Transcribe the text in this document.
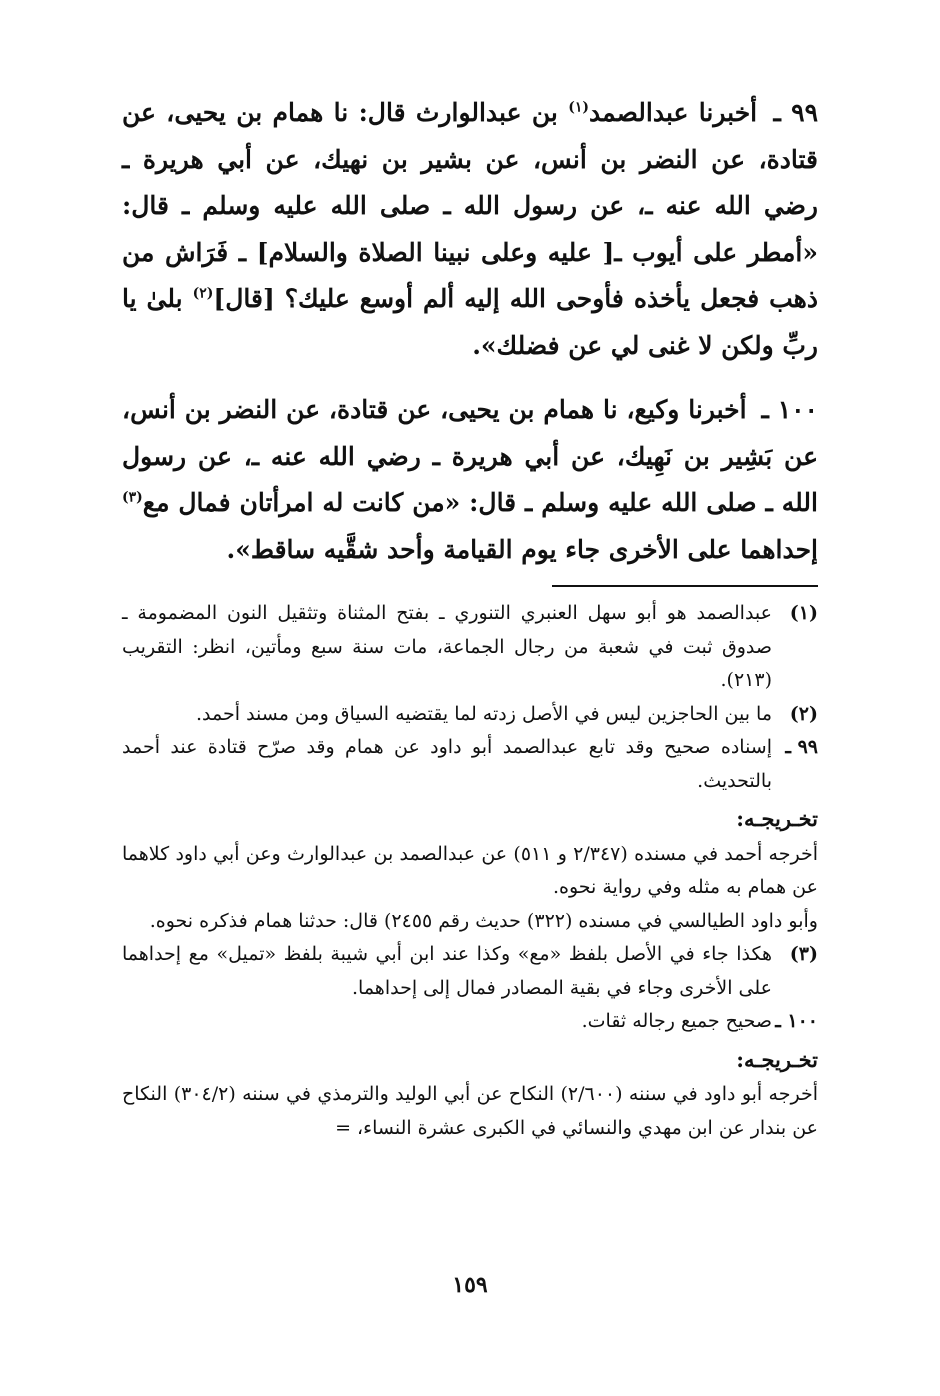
٩٩ ـ أخبرنا عبدالصمد$^{(١)}$ بن عبدالوارث قال: نا همام بن يحيى، عن قتادة، عن النضر بن أنس، عن بشير بن نهيك، عن أبي هريرة ـ رضي الله عنه ـ، عن رسول الله ـ صلى الله عليه وسلم ـ قال: «أمطر على أيوب ـ[ عليه وعلى نبينا الصلاة والسلام] ـ فَرَاش من ذهب فجعل يأخذه فأوحى الله إليه ألم أوسع عليك؟ [قال]$^{(٢)}$ بلىٰ يا ربِّ ولكن لا غنى لي عن فضلك».

١٠٠ ـ أخبرنا وكيع، نا همام بن يحيى، عن قتادة، عن النضر بن أنس، عن بَشِير بن نَهِيك، عن أبي هريرة ـ رضي الله عنه ـ، عن رسول الله ـ صلى الله عليه وسلم ـ قال: «من كانت له امرأتان فمال مع$^{(٣)}$ إحداهما على الأخرى جاء يوم القيامة وأحد شقَّيه ساقط».

(١)

عبدالصمد هو أبو سهل العنبري التنوري ـ بفتح المثناة وتثقيل النون المضمومة ـ صدوق ثبت في شعبة من رجال الجماعة، مات سنة سبع ومأتين، انظر: التقريب (٢١٣).

(٢)

ما بين الحاجزين ليس في الأصل زدته لما يقتضيه السياق ومن مسند أحمد.

٩٩ ـ

إسناده صحيح وقد تابع عبدالصمد أبو داود عن همام وقد صرّح قتادة عند أحمد بالتحديث.

تخـريجـه:

أخرجه أحمد في مسنده (٢/٣٤٧ و ٥١١) عن عبدالصمد بن عبدالوارث وعن أبي داود كلاهما عن همام به مثله وفي رواية نحوه.

وأبو داود الطيالسي في مسنده (٣٢٢) حديث رقم ٢٤٥٥) قال: حدثنا همام فذكره نحوه.

(٣)

هكذا جاء في الأصل بلفظ «مع» وكذا عند ابن أبي شيبة بلفظ «تميل» مع إحداهما على الأخرى وجاء في بقية المصادر فمال إلى إحداهما.

١٠٠ ـ

صحيح جميع رجاله ثقات.

تخـريجـه:

أخرجه أبو داود في سننه (٢/٦٠٠) النكاح عن أبي الوليد والترمذي في سننه (٣٠٤/٢) النكاح عن بندار عن ابن مهدي والنسائي في الكبرى عشرة النساء، =

١٥٩
